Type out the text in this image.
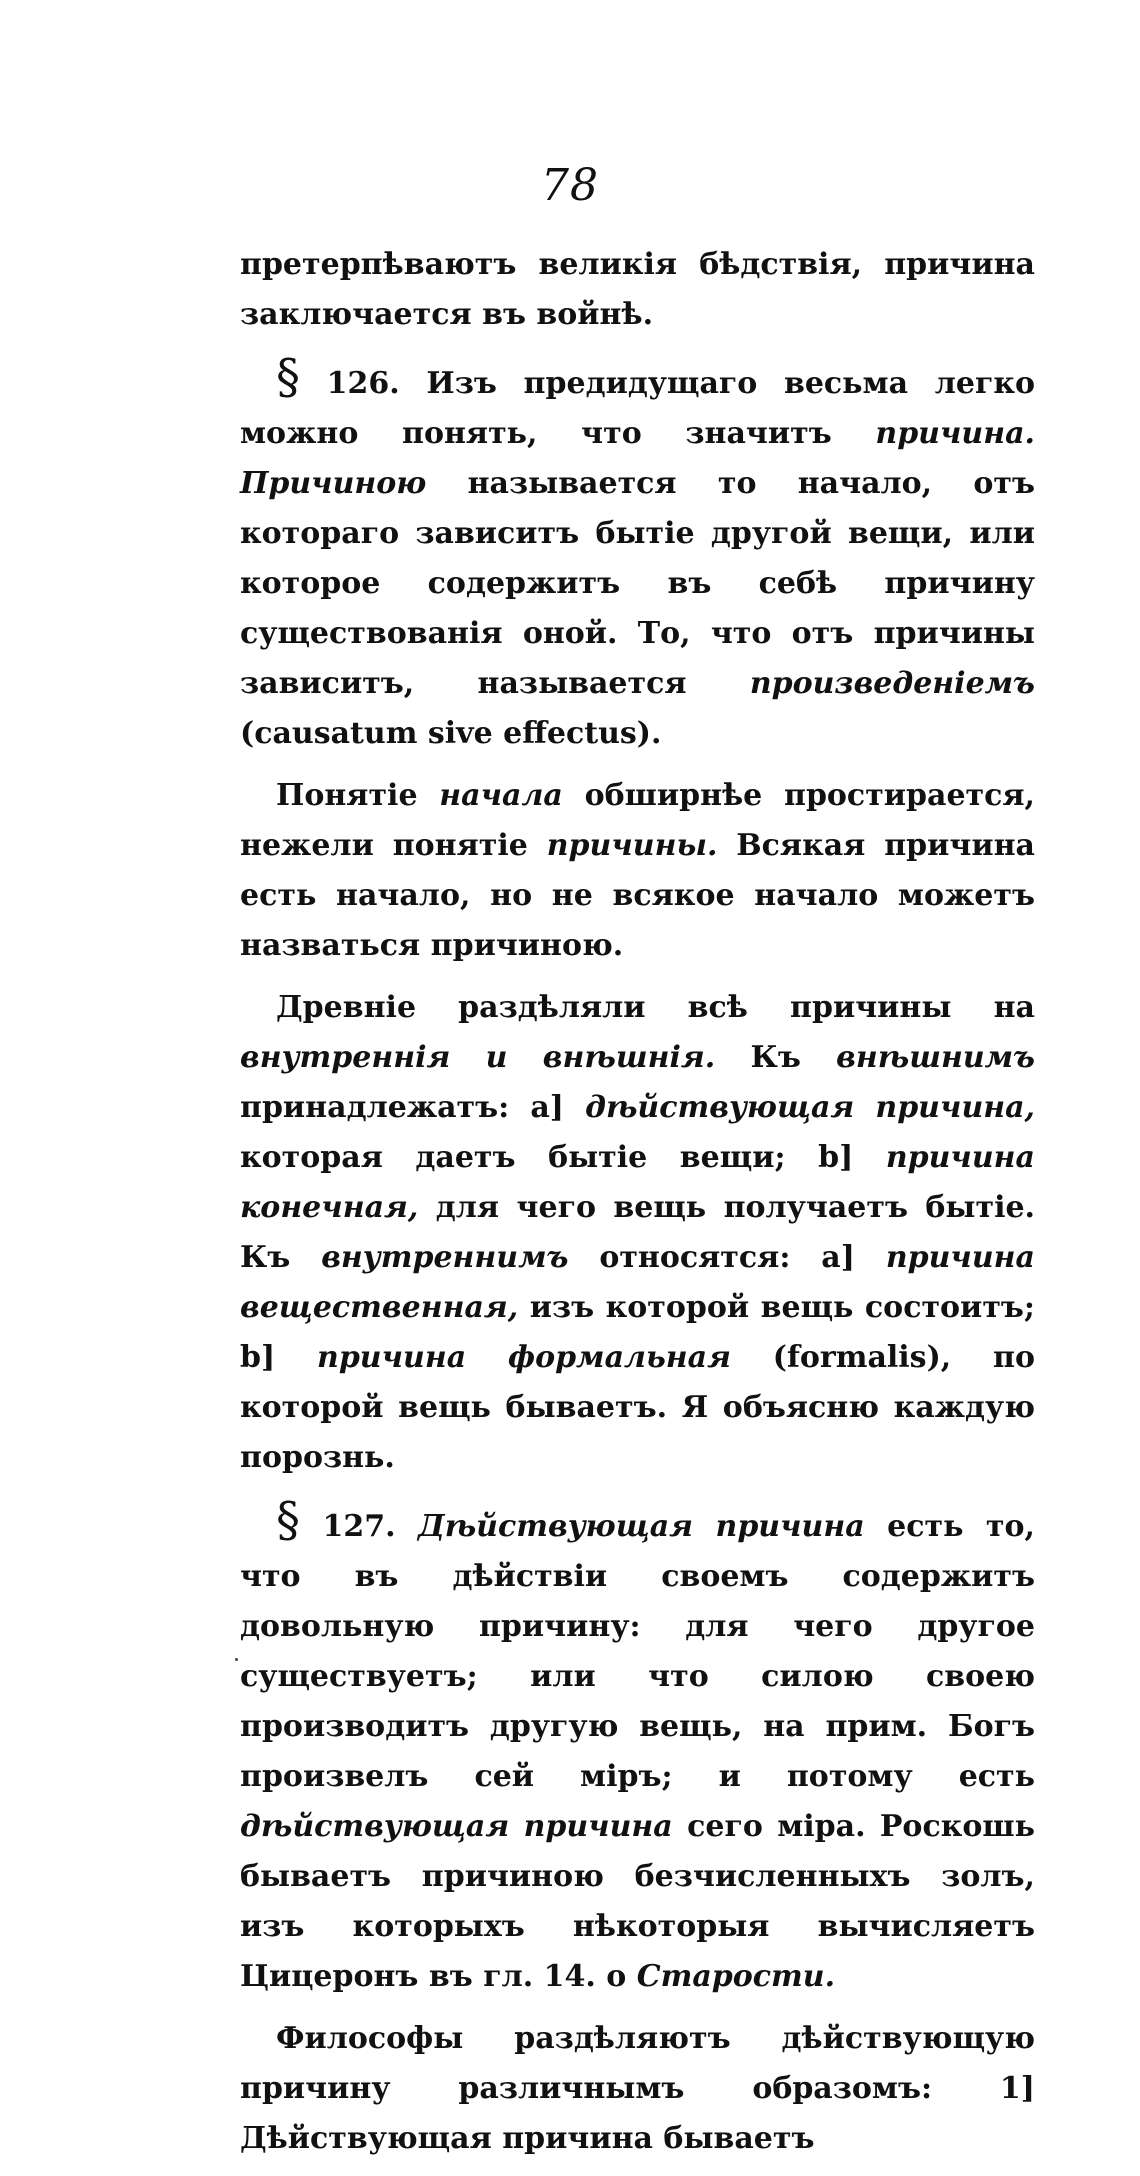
78

претерпѣваютъ великія бѣдствія, причина заключается въ войнѣ.

§ 126. Изъ предидущаго весьма легко можно понять, что значитъ причина. Причиною называется то начало, отъ котораго зависитъ бытіе другой вещи, или которое содержитъ въ себѣ причину существованія оной. То, что отъ причины зависитъ, называется произведеніемъ (causatum sive effectus).

Понятіе начала обширнѣе простирается, нежели понятіе причины. Всякая причина есть начало, но не всякое начало можетъ назваться причиною.

Древніе раздѣляли всѣ причины на внутреннія и внѣшнія. Къ внѣшнимъ принадлежатъ: a] дѣйствующая причина, которая даетъ бытіе вещи; b] причина конечная, для чего вещь получаетъ бытіе. Къ внутреннимъ относятся: a] причина вещественная, изъ которой вещь состоитъ; b] причина формальная (formalis), по которой вещь бываетъ. Я объясню каждую порознь.

§ 127. Дѣйствующая причина есть то, что въ дѣйствіи своемъ содержитъ довольную причину: для чего другое существуетъ; или что силою своею производитъ другую вещь, на прим. Богъ произвелъ сей міръ; и потому есть дѣйствующая причина сего міра. Роскошь бываетъ причиною безчисленныхъ золъ, изъ которыхъ нѣкоторыя вычисляетъ Цицеронъ въ гл. 14. о Старости.

Философы раздѣляютъ дѣйствующую причину различнымъ образомъ: 1] Дѣйствующая причина бываетъ
